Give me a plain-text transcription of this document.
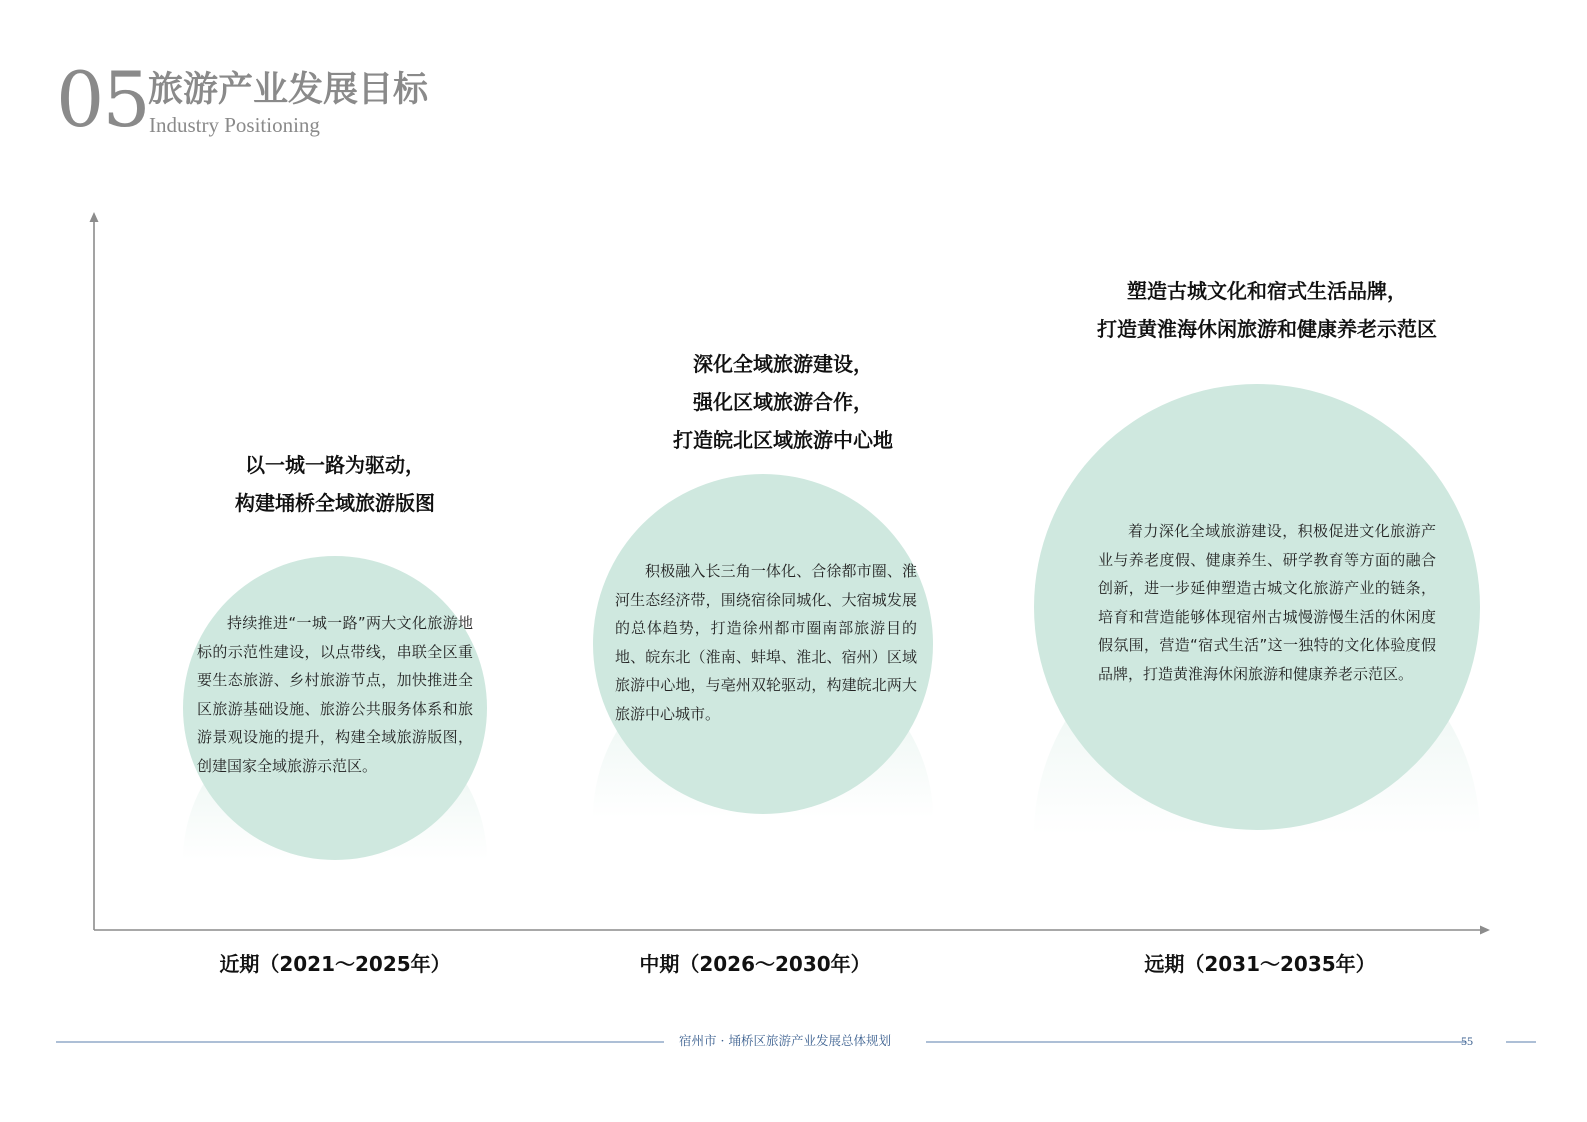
05 旅游产业发展目标
Industry Positioning
以一城一路为驱动，
构建埇桥全域旅游版图
持续推进“一城一路”两大文化旅游地标的示范性建设，以点带线，串联全区重要生态旅游、乡村旅游节点，加快推进全区旅游基础设施、旅游公共服务体系和旅游景观设施的提升，构建全域旅游版图，创建国家全域旅游示范区。
近期（2021～2025年）
深化全域旅游建设，
强化区域旅游合作，
打造皖北区域旅游中心地
积极融入长三角一体化、合徐都市圈、淮河生态经济带，围绕宿徐同城化、大宿城发展的总体趋势，打造徐州都市圈南部旅游目的地、皖东北（淮南、蚌埠、淮北、宿州）区域旅游中心地，与亳州双轮驱动，构建皖北两大旅游中心城市。
中期（2026～2030年）
塑造古城文化和宿式生活品牌，
打造黄淮海休闲旅游和健康养老示范区
着力深化全域旅游建设，积极促进文化旅游产业与养老度假、健康养生、研学教育等方面的融合创新，进一步延伸塑造古城文化旅游产业的链条，培育和营造能够体现宿州古城慢游慢生活的休闲度假氛围，营造“宿式生活”这一独特的文化体验度假品牌，打造黄淮海休闲旅游和健康养老示范区。
远期（2031～2035年）
宿州市 · 埇桥区旅游产业发展总体规划	55
